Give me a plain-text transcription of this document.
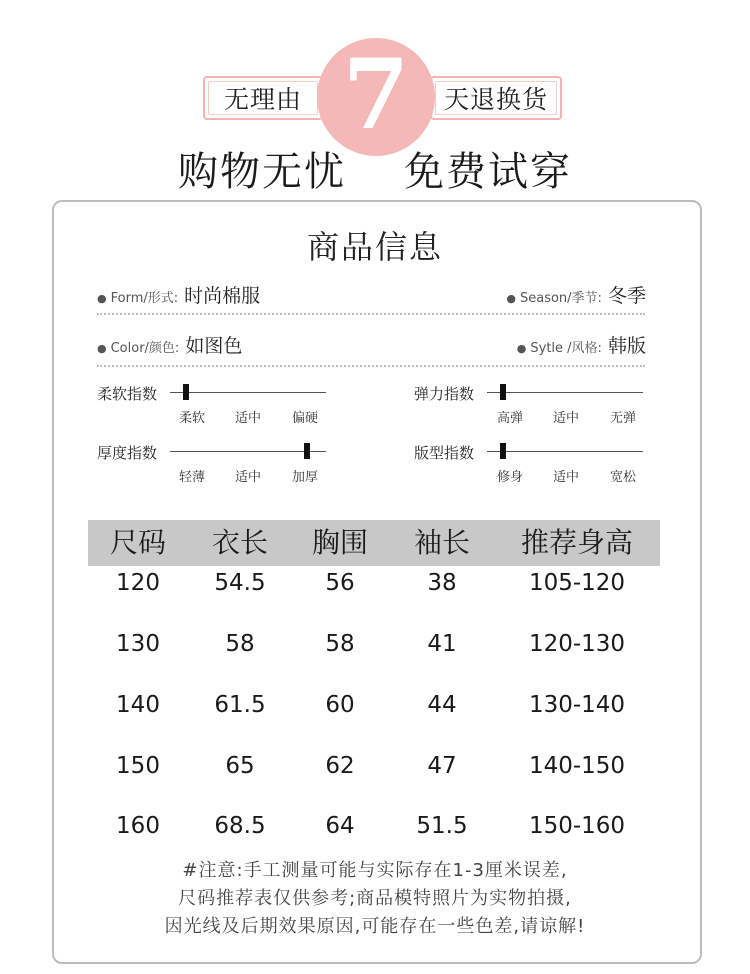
无理由 7 天退换货
购物无忧 免费试穿
商品信息
● Form/形式: 时尚棉服	● Season/季节: 冬季
● Color/颜色: 如图色	● Sytle /风格: 韩版
柔软指数
柔软	适中	偏硬
弹力指数
高弹	适中	无弹
厚度指数
轻薄	适中	加厚
版型指数
修身	适中	宽松
尺码	衣长	胸围	袖长	推荐身高
120	54.5	56	38	105-120
130	58	58	41	120-130
140	61.5	60	44	130-140
150	65	62	47	140-150
160	68.5	64	51.5	150-160
#注意:手工测量可能与实际存在1-3厘米误差,
尺码推荐表仅供参考;商品模特照片为实物拍摄,
因光线及后期效果原因,可能存在一些色差,请谅解!
